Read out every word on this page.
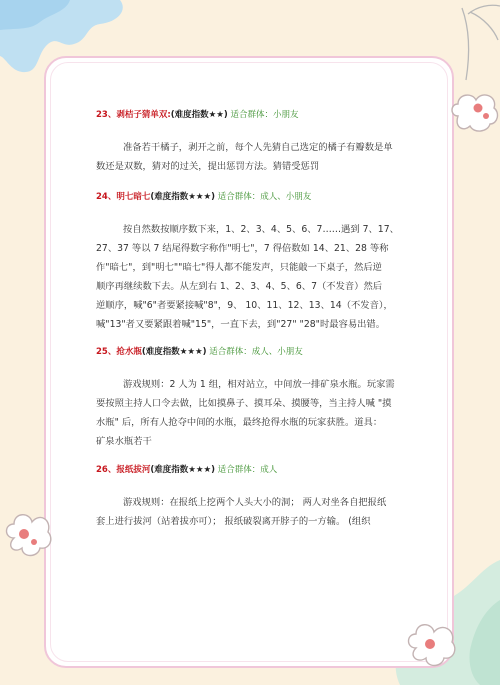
23、剥桔子猜单双:(难度指数★★) 适合群体：小朋友

准备若干橘子，剥开之前，每个人先猜自己选定的橘子有瓣数是单

数还是双数，猜对的过关，提出惩罚方法。猜错受惩罚

24、明七暗七(难度指数★★★) 适合群体：成人、小朋友

按自然数按顺序数下来，1、2、3、4、5、6、7……遇到 7、17、

27、37 等以 7 结尾得数字称作"明七"，7 得倍数如 14、21、28 等称

作"暗七"，到"明七""暗七"得人都不能发声，只能敲一下桌子，然后逆

顺序再继续数下去。从左到右 1、2、3、4、5、6、7（不发音）然后

逆顺序，喊"6"者要紧接喊"8"，9、 10、11、12、13、14（不发音），

喊"13"者又要紧跟着喊"15"，一直下去，到"27" "28"时最容易出错。

25、抢水瓶(难度指数★★★) 适合群体：成人、小朋友

游戏规则：2 人为 1 组，相对站立，中间放一排矿泉水瓶。玩家需

要按照主持人口令去做，比如摸鼻子、摸耳朵、摸腰等，当主持人喊 "摸

水瓶" 后，所有人抢夺中间的水瓶，最终抢得水瓶的玩家获胜。道具：

矿泉水瓶若干

26、报纸拔河(难度指数★★★) 适合群体：成人

游戏规则：在报纸上挖两个人头大小的洞； 两人对坐各自把报纸

套上进行拔河（站着拔亦可）； 报纸破裂离开脖子的一方输。 (组织
